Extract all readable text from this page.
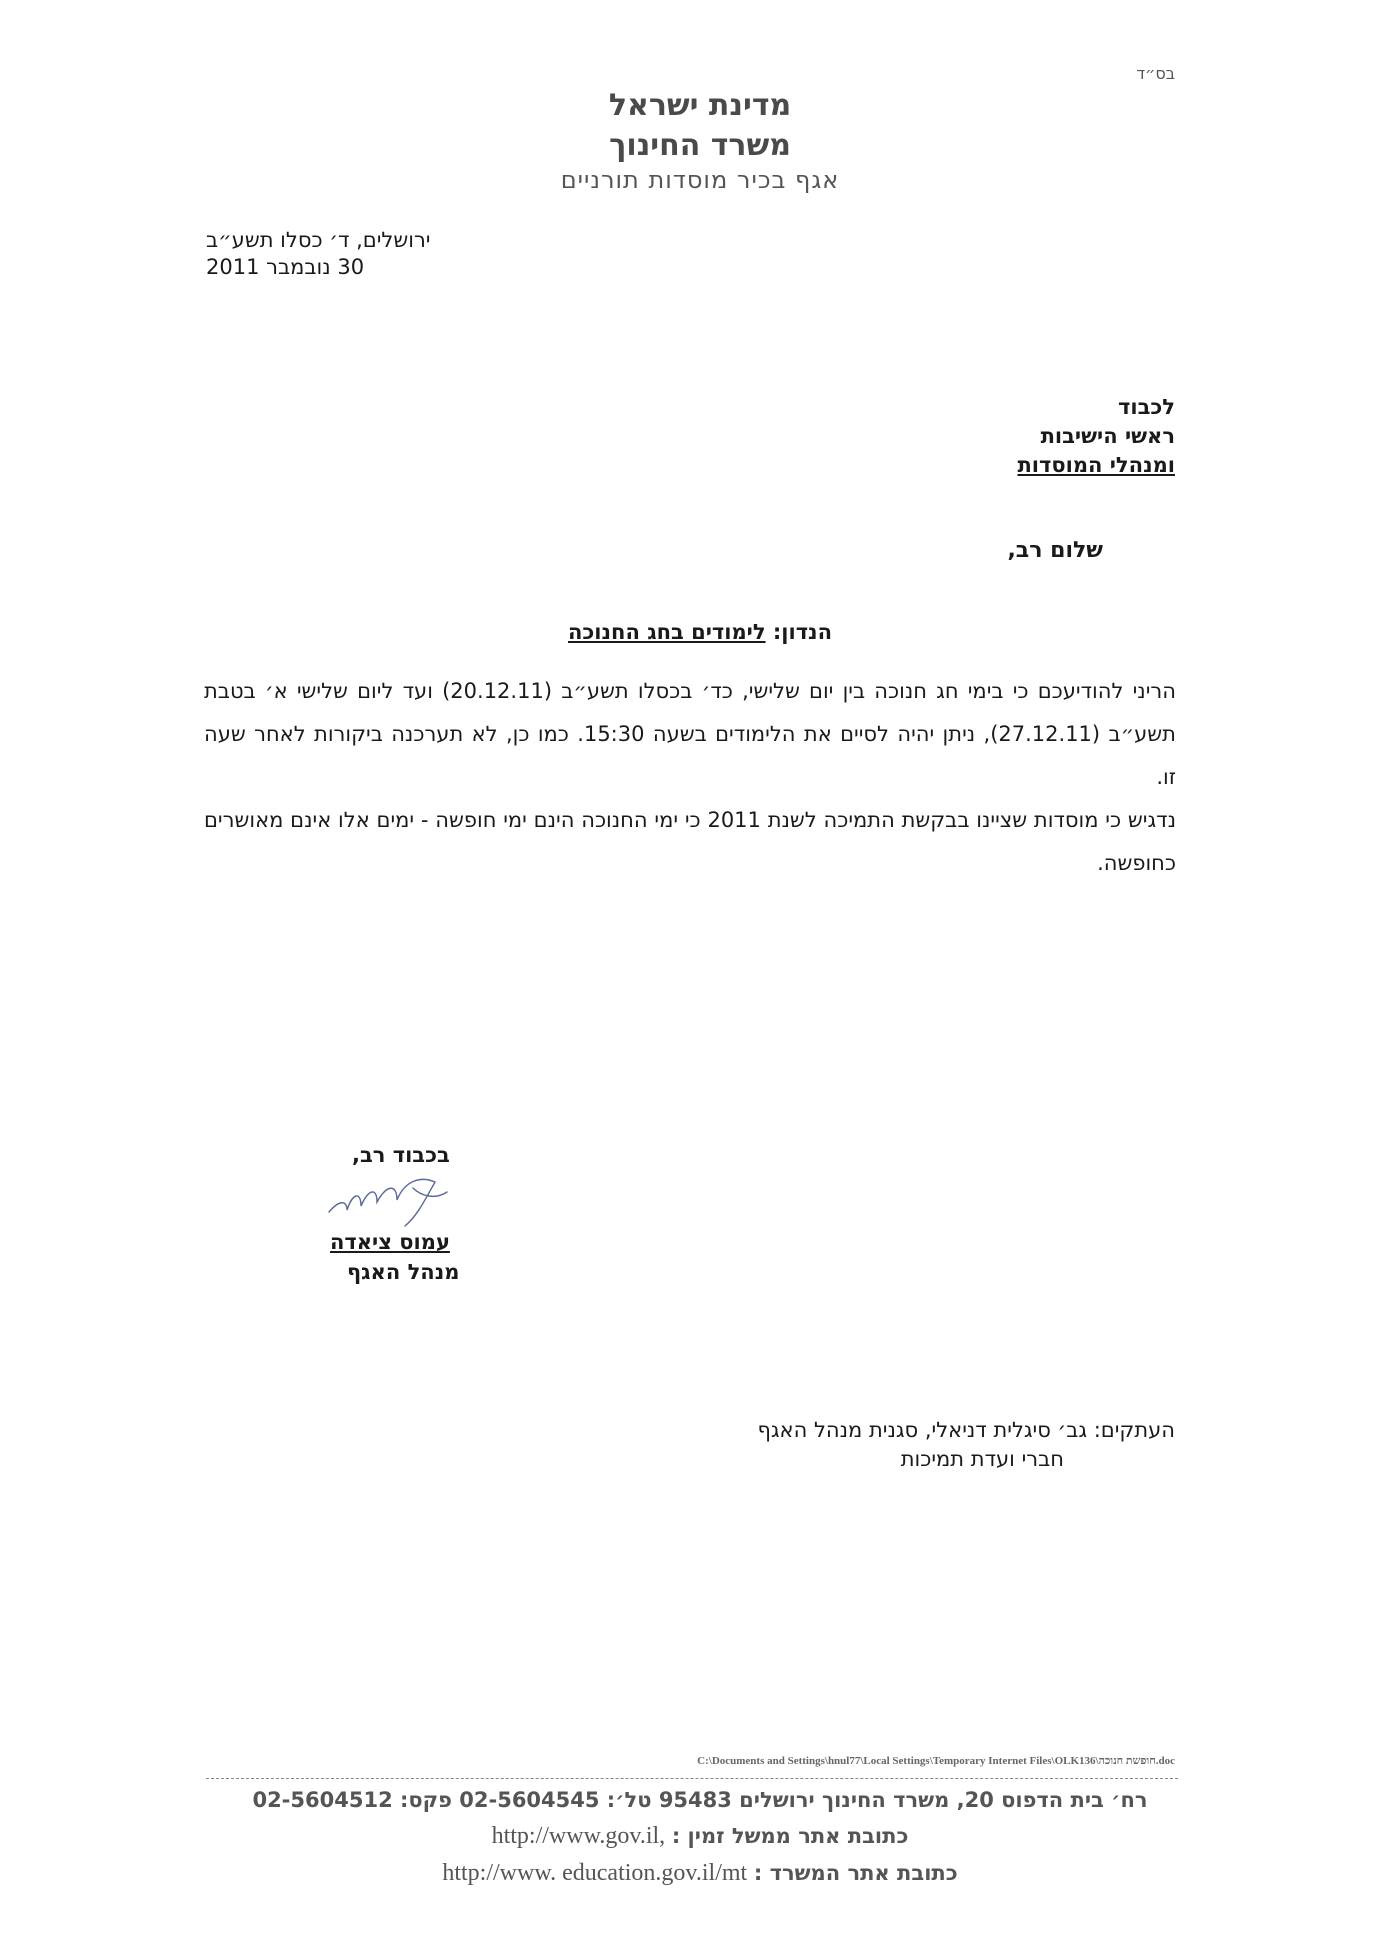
בס״ד
מדינת ישראל
משרד החינוך
אגף בכיר מוסדות תורניים
ירושלים, ד׳ כסלו תשע״ב
30 נובמבר 2011
לכבוד
ראשי הישיבות
ומנהלי המוסדות
שלום רב,
הנדון: לימודים בחג החנוכה

הריני להודיעכם כי בימי חג חנוכה בין יום שלישי, כד׳ בכסלו תשע״ב (20.12.11) ועד ליום שלישי א׳ בטבת תשע״ב (27.12.11), ניתן יהיה לסיים את הלימודים בשעה 15:30. כמו כן, לא תערכנה ביקורות לאחר שעה זו.

נדגיש כי מוסדות שציינו בבקשת התמיכה לשנת 2011 כי ימי החנוכה הינם ימי חופשה - ימים אלו אינם מאושרים כחופשה.

בכבוד רב,
עמוס ציאדה
מנהל האגף
העתקים: גב׳ סיגלית דניאלי, סגנית מנהל האגף
חברי ועדת תמיכות
C:\Documents and Settings\hnul77\Local Settings\Temporary Internet Files\OLK136\חופשת חנוכה.doc
רח׳ בית הדפוס 20, משרד החינוך ירושלים 95483 טל׳: 02-5604545 פקס: 02-5604512
http://www.gov.il, כתובת אתר ממשל זמין :
http://www. education.gov.il/mt כתובת אתר המשרד :
